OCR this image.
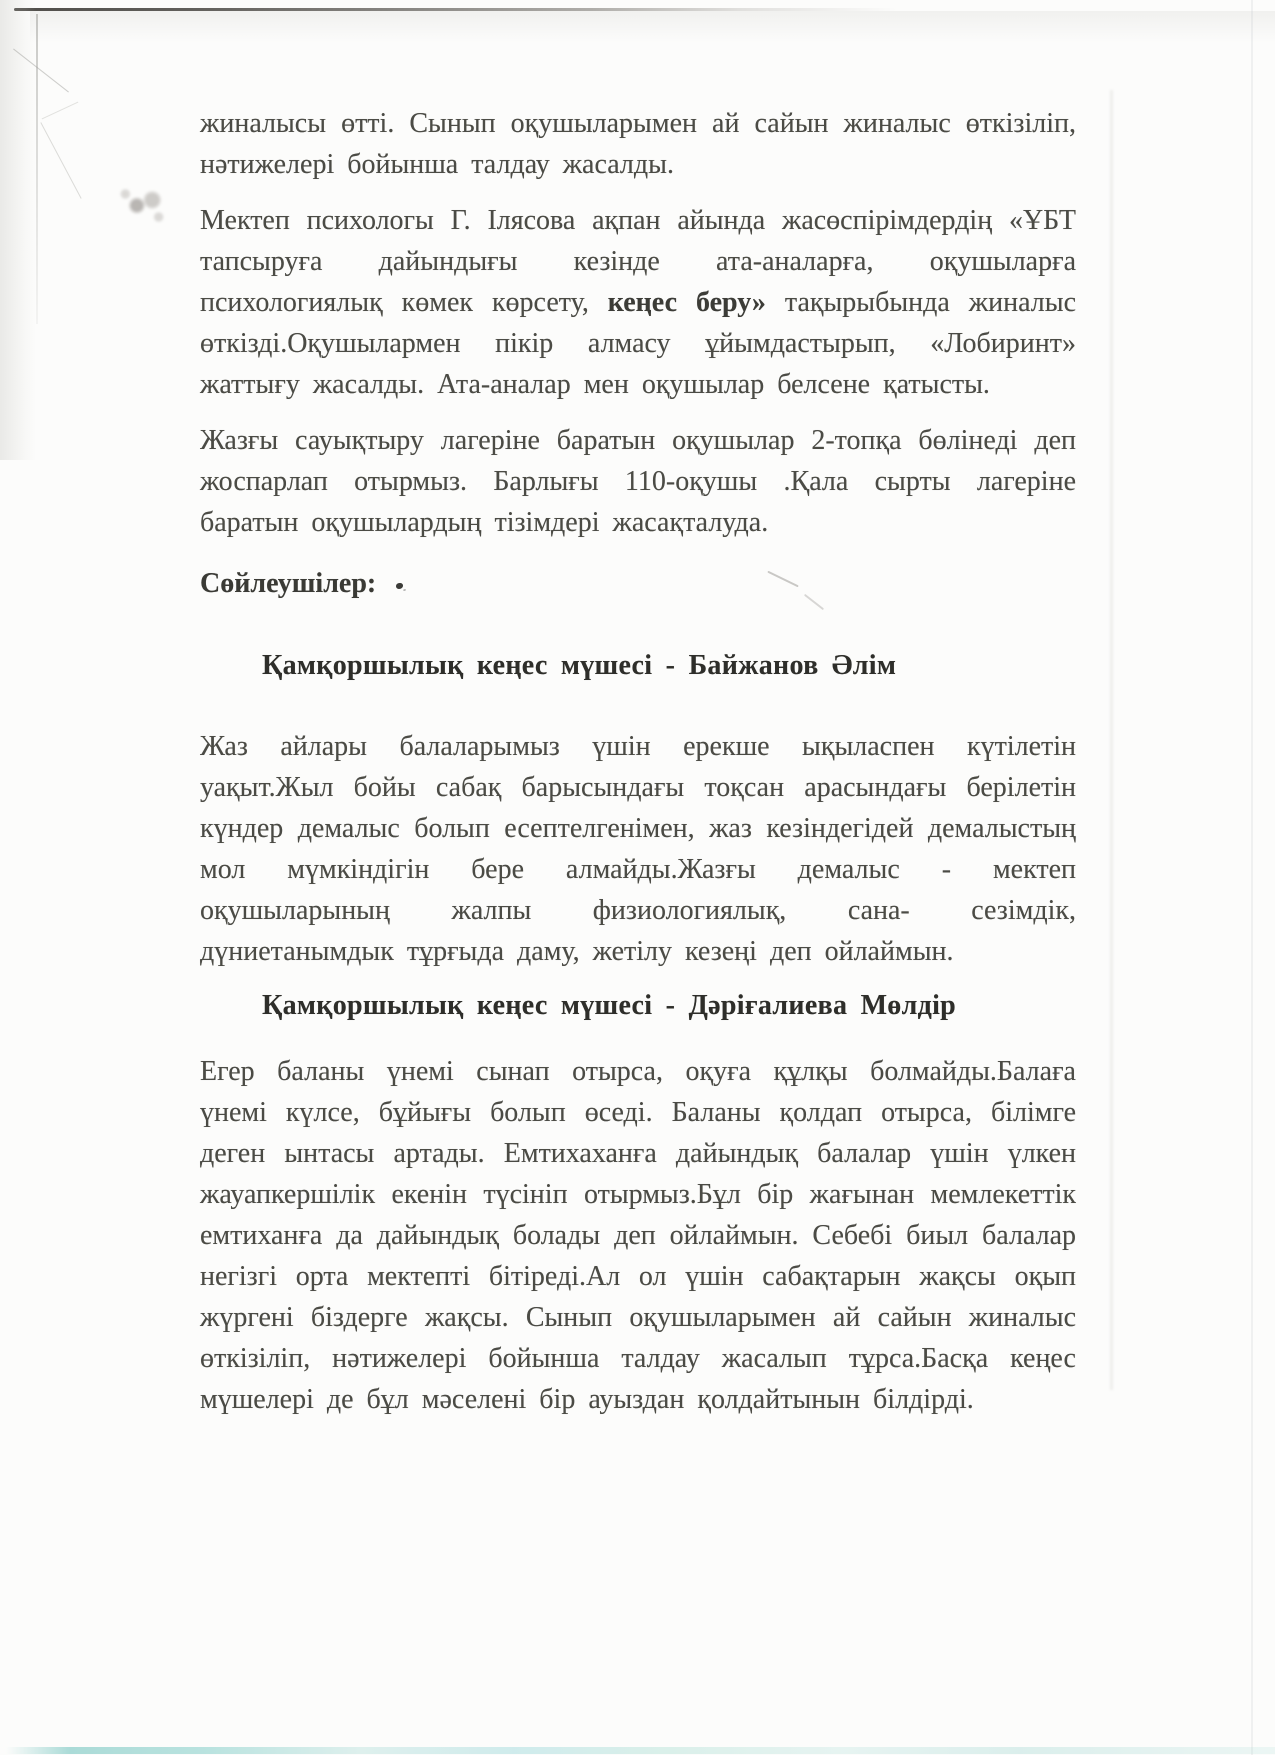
жиналысы өтті. Сынып оқушыларымен ай сайын жиналыс өткізіліп, нәтижелері бойынша талдау жасалды.

Мектеп психологы Г. Ілясова ақпан айында жасөспірімдердің «ҰБТ тапсыруға дайындығы кезінде ата-аналарға, оқушыларға психологиялық көмек көрсету, кеңес беру» тақырыбында жиналыс өткізді.Оқушылармен пікір алмасу ұйымдастырып, «Лобиринт» жаттығу жасалды. Ата-аналар мен оқушылар белсене қатысты.

Жазғы сауықтыру лагеріне баратын оқушылар 2-топқа бөлінеді деп жоспарлап отырмыз. Барлығы 110-оқушы .Қала сырты лагеріне баратын оқушылардың тізімдері жасақталуда.

Сөйлеушілер:

Қамқоршылық кеңес мүшесі - Байжанов Әлім

Жаз айлары балаларымыз үшін ерекше ықыласпен күтілетін уақыт.Жыл бойы сабақ барысындағы тоқсан арасындағы берілетін күндер демалыс болып есептелгенімен, жаз кезіндегідей демалыстың мол мүмкіндігін бере алмайды.Жазғы демалыс - мектеп оқушыларының жалпы физиологиялық, сана- сезімдік, дүниетанымдык тұрғыда даму, жетілу кезеңі деп ойлаймын.

Қамқоршылық кеңес мүшесі - Дәріғалиева Мөлдір

Егер баланы үнемі сынап отырса, оқуға құлқы болмайды.Балаға үнемі күлсе, бұйығы болып өседі. Баланы қолдап отырса, білімге деген ынтасы артады. Емтихаханға дайындық балалар үшін үлкен жауапкершілік екенін түсініп отырмыз.Бұл бір жағынан мемлекеттік емтиханға да дайындық болады деп ойлаймын. Себебі биыл балалар негізгі орта мектепті бітіреді.Ал ол үшін сабақтарын жақсы оқып жүргені біздерге жақсы. Сынып оқушыларымен ай сайын жиналыс өткізіліп, нәтижелері бойынша талдау жасалып тұрса.Басқа кеңес мүшелері де бұл мәселені бір ауыздан қолдайтынын білдірді.
